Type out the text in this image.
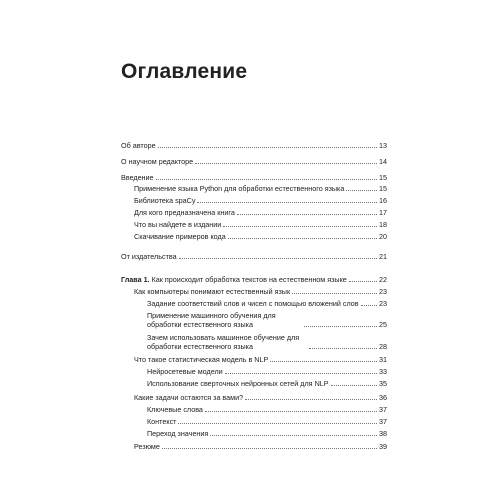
Оглавление
Об авторе	13
О научном редакторе	14
Введение	15
Применение языка Python для обработки естественного языка	15
Библиотека spaCy	16
Для кого предназначена книга	17
Что вы найдете в издании	18
Скачивание примеров кода	20
От издательства	21
Глава 1. Как происходит обработка текстов на естественном языке	22
Как компьютеры понимают естественный язык	23
Задание соответствий слов и чисел с помощью вложений слов	23
Применение машинного обучения для обработки естественного языка	25
Зачем использовать машинное обучение для обработки естественного языка	28
Что такое статистическая модель в NLP	31
Нейросетевые модели	33
Использование сверточных нейронных сетей для NLP	35
Какие задачи остаются за вами?	36
Ключевые слова	37
Контекст	37
Переход значения	38
Резюме	39
